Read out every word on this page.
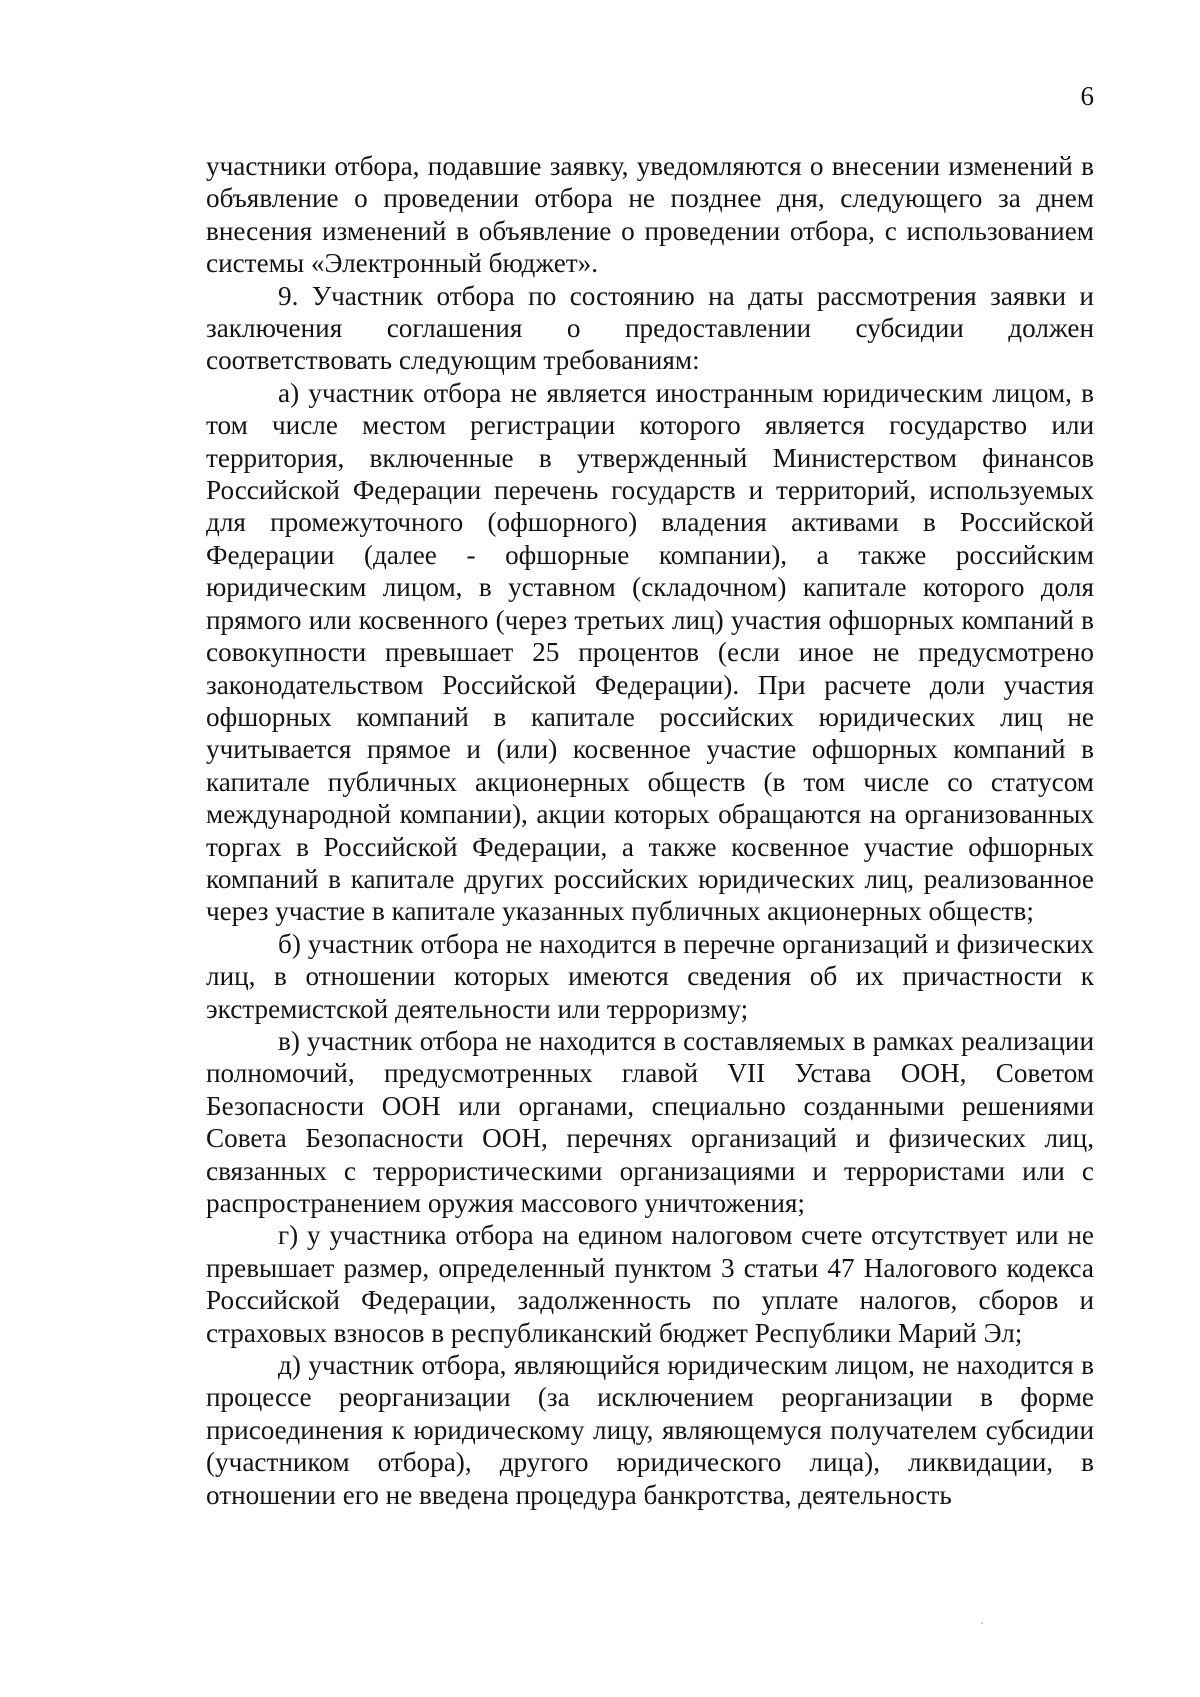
6

участники отбора, подавшие заявку, уведомляются о внесении изменений в объявление о проведении отбора не позднее дня, следующего за днем внесения изменений в объявление о проведении отбора, с использованием системы «Электронный бюджет».

9. Участник отбора по состоянию на даты рассмотрения заявки и заключения соглашения о предоставлении субсидии должен соответствовать следующим требованиям:

а) участник отбора не является иностранным юридическим лицом, в том числе местом регистрации которого является государство или территория, включенные в утвержденный Министерством финансов Российской Федерации перечень государств и территорий, используемых для промежуточного (офшорного) владения активами в Российской Федерации (далее - офшорные компании), а также российским юридическим лицом, в уставном (складочном) капитале которого доля прямого или косвенного (через третьих лиц) участия офшорных компаний в совокупности превышает 25 процентов (если иное не предусмотрено законодательством Российской Федерации). При расчете доли участия офшорных компаний в капитале российских юридических лиц не учитывается прямое и (или) косвенное участие офшорных компаний в капитале публичных акционерных обществ (в том числе со статусом международной компании), акции которых обращаются на организованных торгах в Российской Федерации, а также косвенное участие офшорных компаний в капитале других российских юридических лиц, реализованное через участие в капитале указанных публичных акционерных обществ;

б) участник отбора не находится в перечне организаций и физических лиц, в отношении которых имеются сведения об их причастности к экстремистской деятельности или терроризму;

в) участник отбора не находится в составляемых в рамках реализации полномочий, предусмотренных главой VII Устава ООН, Советом Безопасности ООН или органами, специально созданными решениями Совета Безопасности ООН, перечнях организаций и физических лиц, связанных с террористическими организациями и террористами или с распространением оружия массового уничтожения;

г) у участника отбора на едином налоговом счете отсутствует или не превышает размер, определенный пунктом 3 статьи 47 Налогового кодекса Российской Федерации, задолженность по уплате налогов, сборов и страховых взносов в республиканский бюджет Республики Марий Эл;

д) участник отбора, являющийся юридическим лицом, не находится в процессе реорганизации (за исключением реорганизации в форме присоединения к юридическому лицу, являющемуся получателем субсидии (участником отбора), другого юридического лица), ликвидации, в отношении его не введена процедура банкротства, деятельность
